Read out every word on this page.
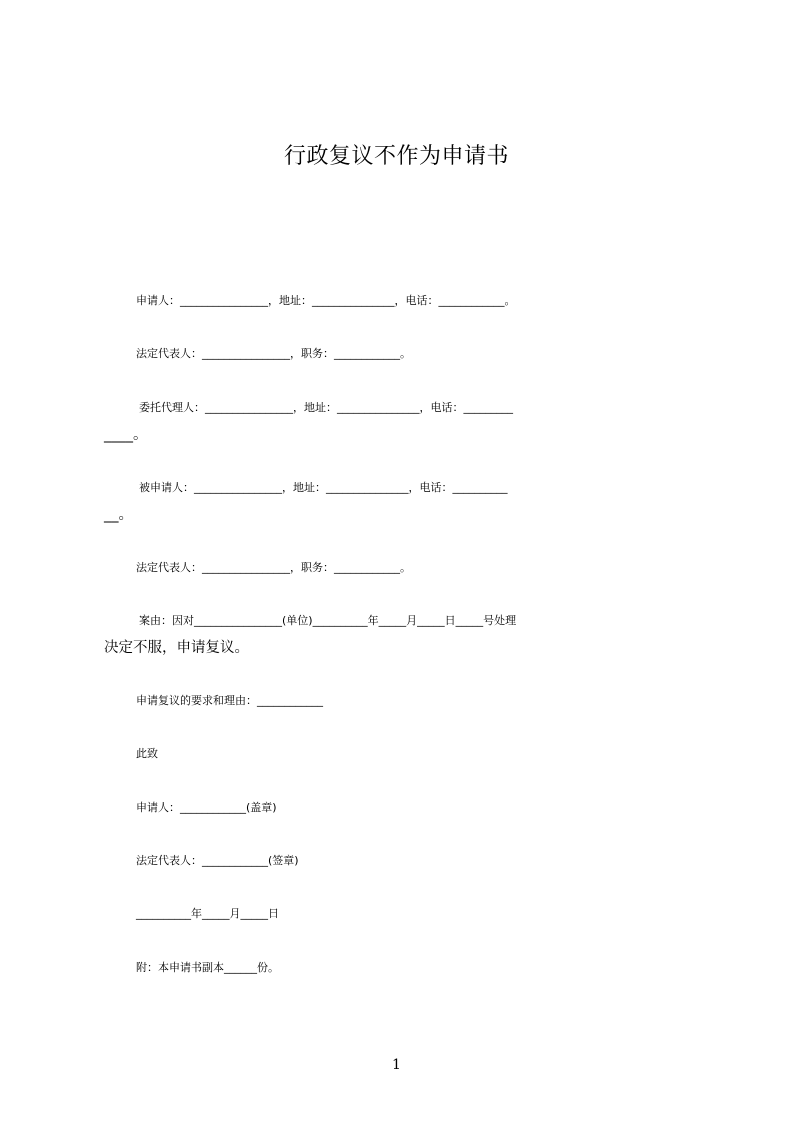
行政复议不作为申请书
申请人：________________，地址：_______________，电话：____________。
法定代表人：________________，职务：____________。
委托代理人：________________，地址：_______________，电话：_________
____。
被申请人：________________，地址：_______________，电话：__________
__。
法定代表人：________________，职务：____________。
案由：因对________________(单位)__________年_____月_____日_____号处理
决定不服，申请复议。
申请复议的要求和理由：____________
此致
申请人：____________(盖章)
法定代表人：____________(签章)
__________年_____月_____日
附：本申请书副本______份。
1
